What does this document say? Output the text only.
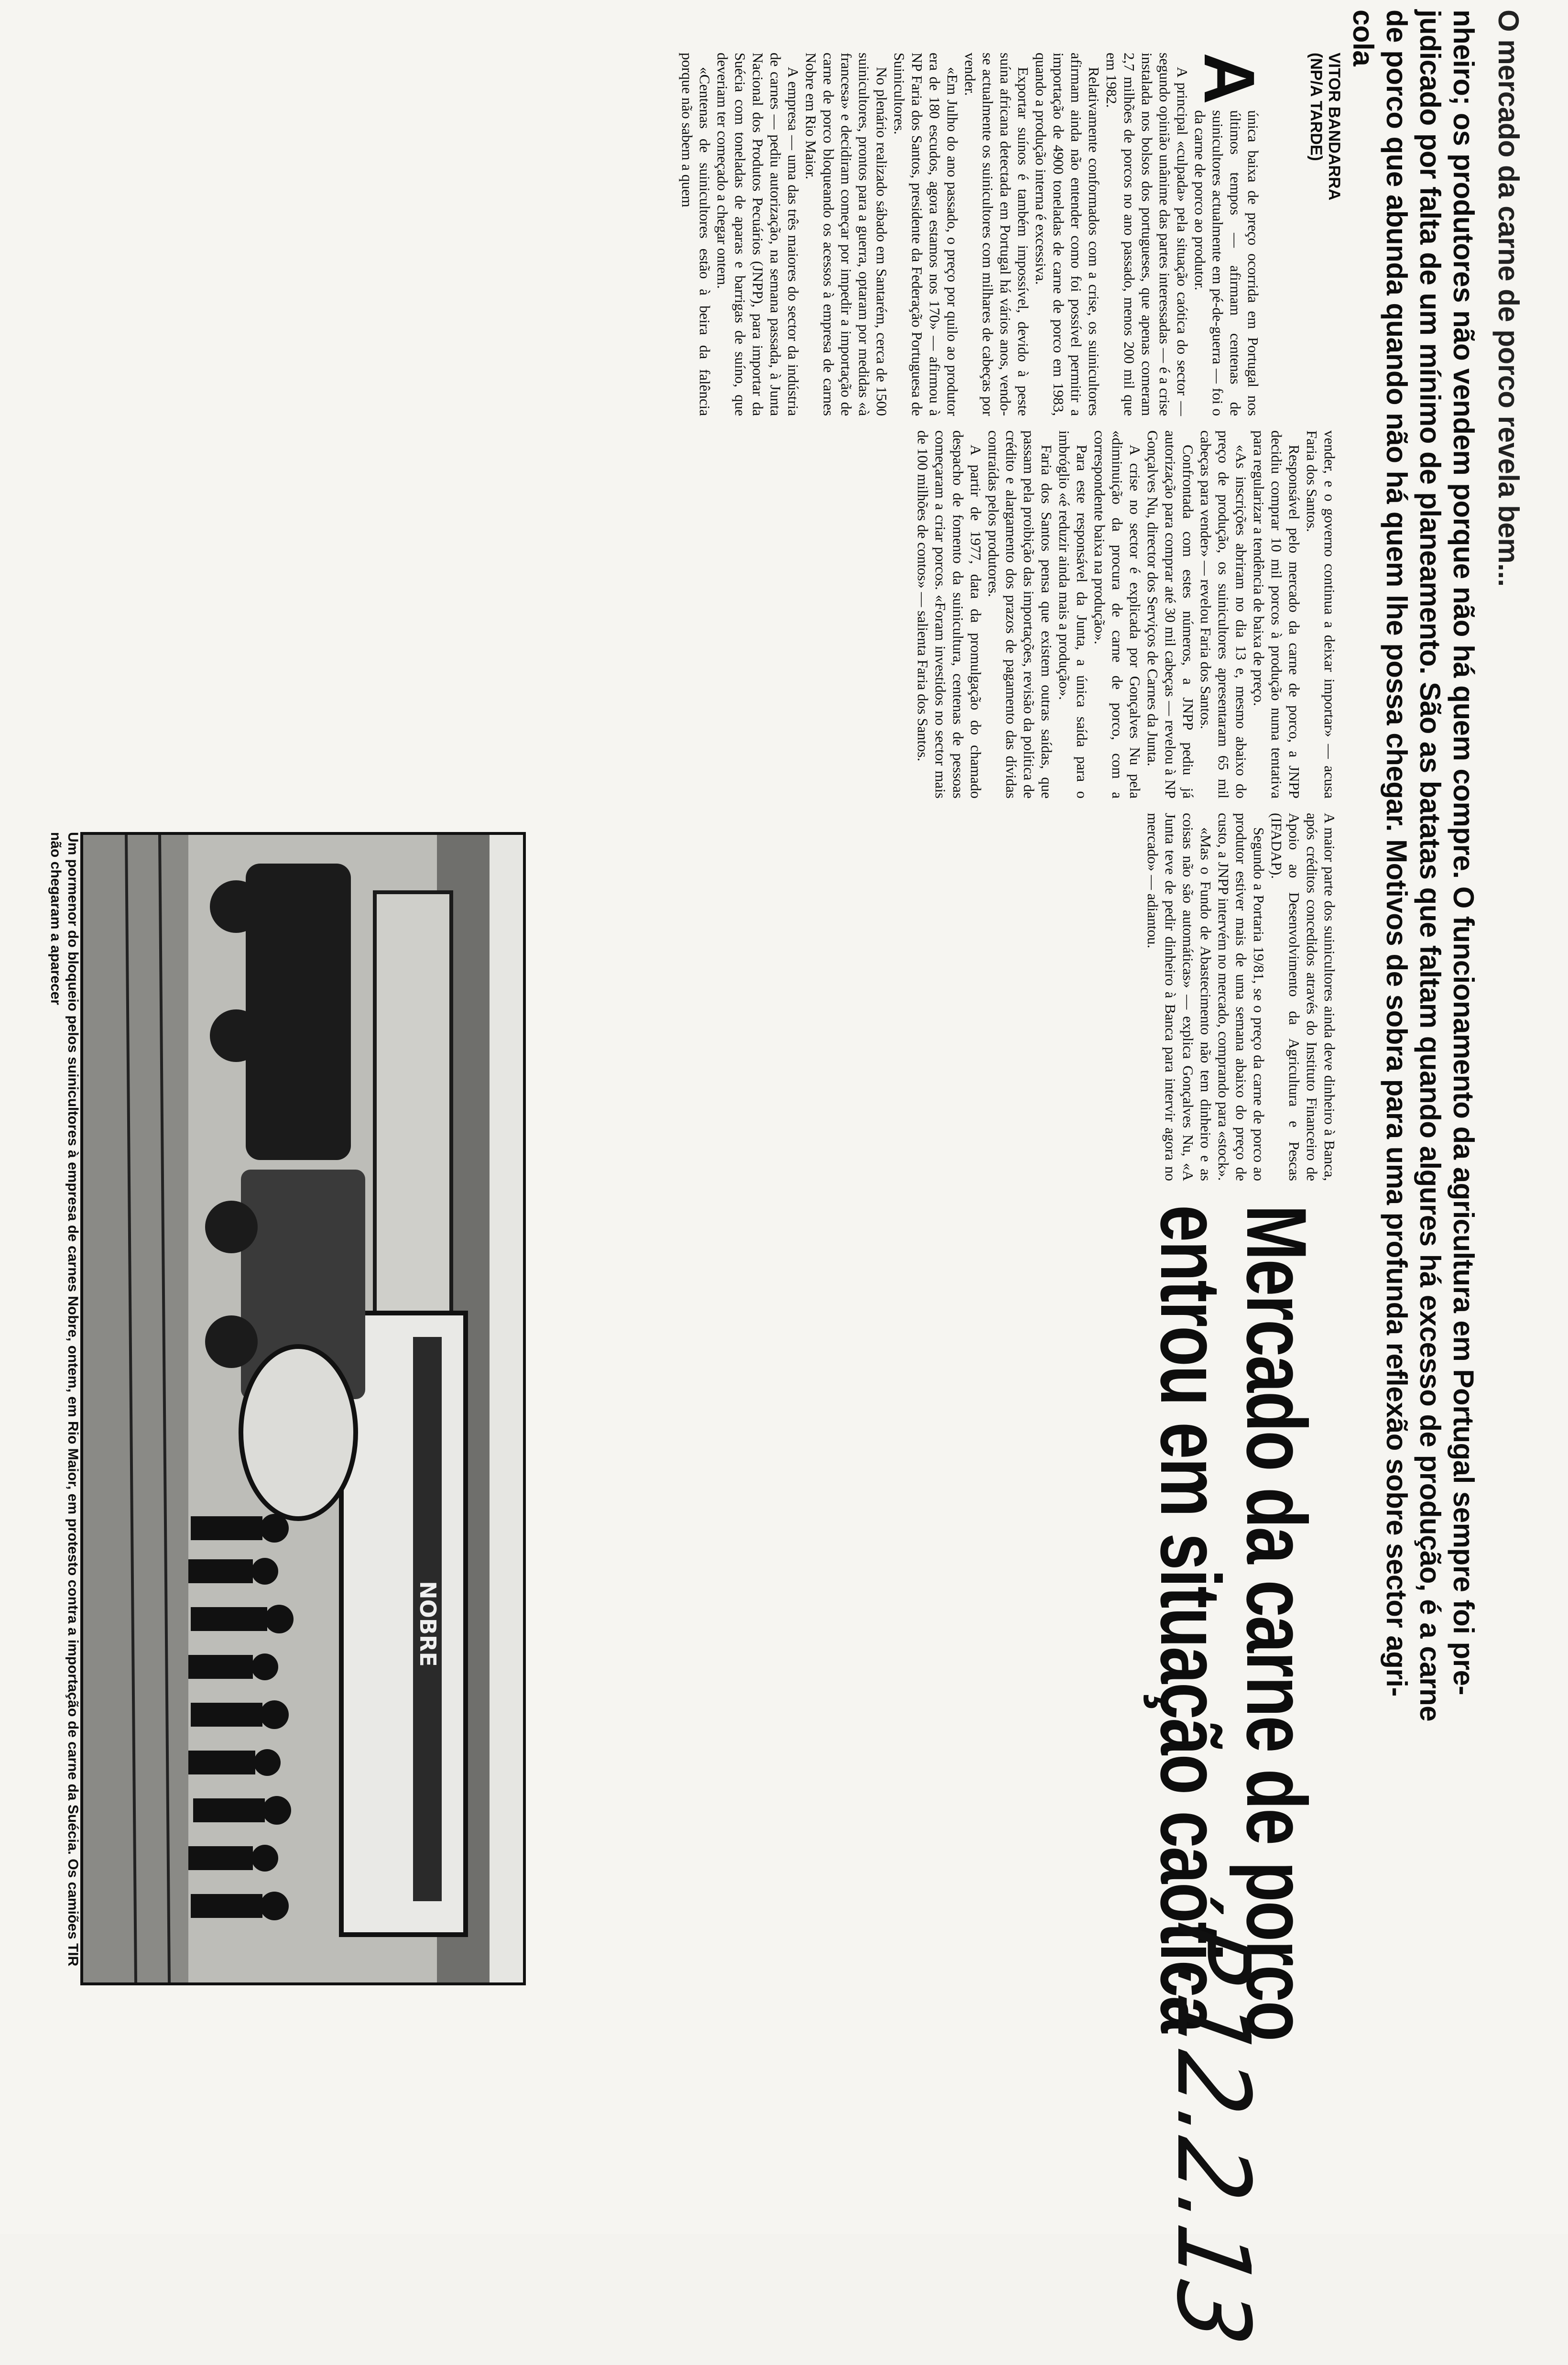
O mercado da carne de porco revela bem...

nheiro; os produtores não vendem porque não há quem compre. O funcionamento da agricultura em Portugal sempre foi pre-
judicado por falta de um mínimo de planeamento. São as batatas que faltam quando algures há excesso de produção, é a carne
de porco que abunda quando não há quem lhe possa chegar. Motivos de sobra para uma profunda reflexão sobre sector agri-
cola

Mercado da carne de porco
entrou em situação caótica
P.12.2.13
VITOR BANDARRA
(NP/A TARDE)
A

única baixa de preço ocorrida em Portugal nos últimos tempos — afirmam centenas de suinicultores actualmente em pé-de-guerra — foi o da carne de porco ao produtor.

A principal «culpada» pela situação caótica do sector — segundo opinião unânime das partes interessadas — é a crise instalada nos bolsos dos portugueses, que apenas comeram 2,7 milhões de porcos no ano passado, menos 200 mil que em 1982.

Relativamente conformados com a crise, os suinicultores afirmam ainda não entender como foi possível permitir a importação de 4900 toneladas de carne de porco em 1983, quando a produção interna é excessiva.

Exportar suínos é também impossível, devido à peste suína africana detectada em Portugal há vários anos, vendo-se actualmente os suinicultores com milhares de cabeças por vender.

«Em Julho do ano passado, o preço por quilo ao produtor era de 180 escudos, agora estamos nos 170» — afirmou à NP Faria dos Santos, presidente da Federação Portuguesa de Suinicultores.

No plenário realizado sábado em Santarém, cerca de 1500 suinicultores, prontos para a guerra, optaram por medidas «à francesa» e decidiram começar por impedir a importação de carne de porco bloqueando os acessos à empresa de carnes Nobre em Rio Maior.

A empresa — uma das três maiores do sector da indústria de carnes — pediu autorização, na semana passada, à Junta Nacional dos Produtos Pecuários (JNPP), para importar da Suécia com toneladas de aparas e barrigas de suíno, que deveriam ter começado a chegar ontem.

«Centenas de suinicultores estão à beira da falência porque não sabem a quem

vender, e o governo continua a deixar importar» — acusa Faria dos Santos.

Responsável pelo mercado da carne de porco, a JNPP decidiu comprar 10 mil porcos à produção numa tentativa para regularizar a tendência de baixa de preço.

«As inscrições abriram no dia 13 e, mesmo abaixo do preço de produção, os suinicultores apresentaram 65 mil cabeças para vender» — revelou Faria dos Santos.

Confrontada com estes números, a JNPP pediu já autorização para comprar até 30 mil cabeças — revelou à NP Gonçalves Nu, director dos Serviços de Carnes da Junta.

A crise no sector é explicada por Gonçalves Nu pela «diminuição da procura de carne de porco, com a correspondente baixa na produção».

Para este responsável da Junta, a única saída para o imbróglio «é reduzir ainda mais a produção».

Faria dos Santos pensa que existem outras saídas, que passam pela proibição das importações, revisão da política de crédito e alargamento dos prazos de pagamento das dívidas contraídas pelos produtores.

A partir de 1977, data da promulgação do chamado despacho de fomento da suinicultura, centenas de pessoas começaram a criar porcos. «Foram investidos no sector mais de 100 milhões de contos» — salienta Faria dos Santos.

A maior parte dos suinicultores ainda deve dinheiro à Banca, após créditos concedidos através do Instituto Financeiro de Apoio ao Desenvolvimento da Agricultura e Pescas (IFADAP).

Segundo a Portaria 19/81, se o preço da carne de porco ao produtor estiver mais de uma semana abaixo do preço de custo, a JNPP intervém no mercado, comprando para «stock».

«Mas o Fundo de Abastecimento não tem dinheiro e as coisas não são automáticas» — explica Gonçalves Nu, «A Junta teve de pedir dinheiro à Banca para intervir agora no mercado» — adiantou.

NOBRE
Um pormenor do bloqueio pelos suinicultores à empresa de carnes Nobre, ontem, em Rio Maior, em protesto contra a importação de carne da Suécia. Os camiões TIR não chegaram a aparecer
